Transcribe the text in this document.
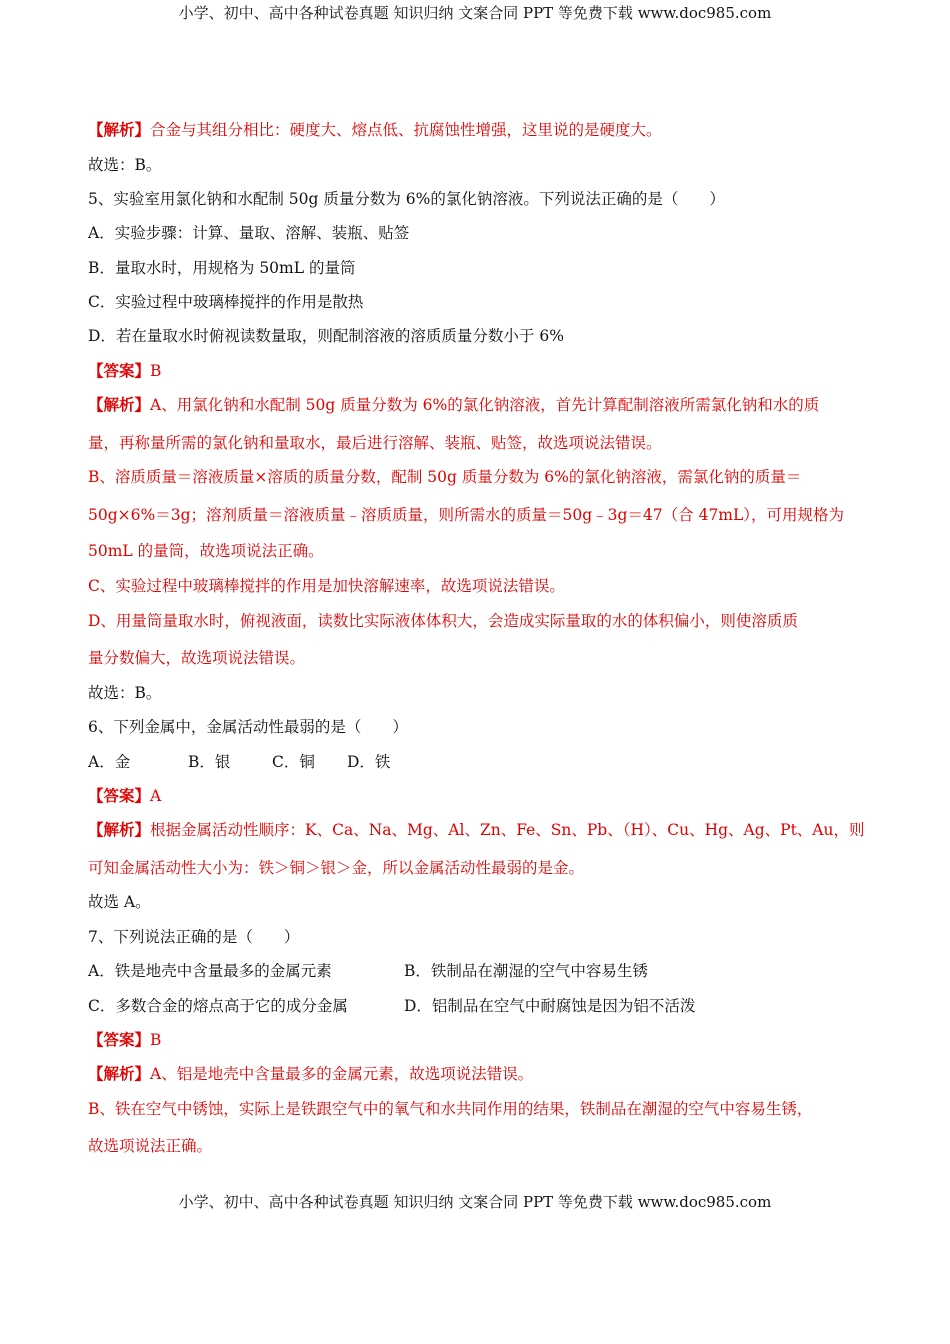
小学、初中、高中各种试卷真题 知识归纳 文案合同 PPT 等免费下载 www.doc985.com
【解析】合金与其组分相比：硬度大、熔点低、抗腐蚀性增强，这里说的是硬度大。
故选：B。
5、实验室用氯化钠和水配制 50g 质量分数为 6%的氯化钠溶液。下列说法正确的是（　　）
A．实验步骤：计算、量取、溶解、装瓶、贴签
B．量取水时，用规格为 50mL 的量筒
C．实验过程中玻璃棒搅拌的作用是散热
D．若在量取水时俯视读数量取，则配制溶液的溶质质量分数小于 6%
【答案】B
【解析】A、用氯化钠和水配制 50g 质量分数为 6%的氯化钠溶液，首先计算配制溶液所需氯化钠和水的质
量，再称量所需的氯化钠和量取水，最后进行溶解、装瓶、贴签，故选项说法错误。
B、溶质质量＝溶液质量×溶质的质量分数，配制 50g 质量分数为 6%的氯化钠溶液，需氯化钠的质量＝
50g×6%＝3g；溶剂质量＝溶液质量﹣溶质质量，则所需水的质量＝50g﹣3g＝47（合 47mL），可用规格为
50mL 的量筒，故选项说法正确。
C、实验过程中玻璃棒搅拌的作用是加快溶解速率，故选项说法错误。
D、用量筒量取水时，俯视液面，读数比实际液体体积大，会造成实际量取的水的体积偏小，则使溶质质
量分数偏大，故选项说法错误。
故选：B。
6、下列金属中，金属活动性最弱的是（　　）
A．金	B．银	C．铜 D．铁
【答案】A
【解析】根据金属活动性顺序：K、Ca、Na、Mg、Al、Zn、Fe、Sn、Pb、（H）、Cu、Hg、Ag、Pt、Au，则
可知金属活动性大小为：铁＞铜＞银＞金，所以金属活动性最弱的是金。
故选 A。
7、下列说法正确的是（　　）
A．铁是地壳中含量最多的金属元素	B．铁制品在潮湿的空气中容易生锈
C．多数合金的熔点高于它的成分金属	D．铝制品在空气中耐腐蚀是因为铝不活泼
【答案】B
【解析】A、铝是地壳中含量最多的金属元素，故选项说法错误。
B、铁在空气中锈蚀，实际上是铁跟空气中的氧气和水共同作用的结果，铁制品在潮湿的空气中容易生锈，
故选项说法正确。
小学、初中、高中各种试卷真题 知识归纳 文案合同 PPT 等免费下载 www.doc985.com
